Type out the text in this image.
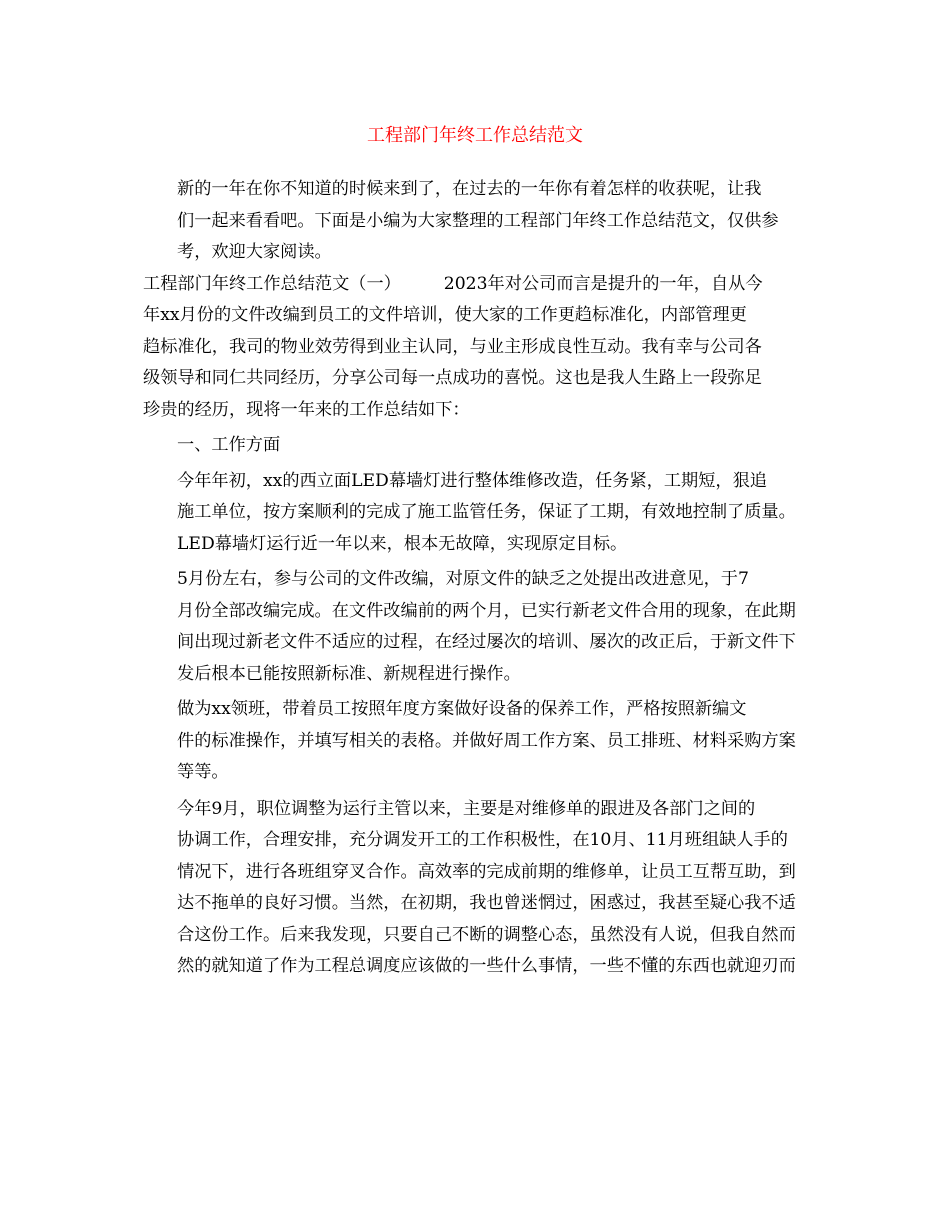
工程部门年终工作总结范文

新的一年在你不知道的时候来到了，在过去的一年你有着怎样的收获呢，让我
们一起来看看吧。下面是小编为大家整理的工程部门年终工作总结范文，仅供参
考，欢迎大家阅读。

工程部门年终工作总结范文（一）　　　2023年对公司而言是提升的一年，自从今
年xx月份的文件改编到员工的文件培训，使大家的工作更趋标准化，内部管理更
趋标准化，我司的物业效劳得到业主认同，与业主形成良性互动。我有幸与公司各
级领导和同仁共同经历，分享公司每一点成功的喜悦。这也是我人生路上一段弥足
珍贵的经历，现将一年来的工作总结如下：

一、工作方面

今年年初，xx的西立面LED幕墙灯进行整体维修改造，任务紧，工期短，狠追
施工单位，按方案顺利的完成了施工监管任务，保证了工期，有效地控制了质量。
LED幕墙灯运行近一年以来，根本无故障，实现原定目标。

5月份左右，参与公司的文件改编，对原文件的缺乏之处提出改进意见，于7
月份全部改编完成。在文件改编前的两个月，已实行新老文件合用的现象，在此期
间出现过新老文件不适应的过程，在经过屡次的培训、屡次的改正后，于新文件下
发后根本已能按照新标准、新规程进行操作。

做为xx领班，带着员工按照年度方案做好设备的保养工作，严格按照新编文
件的标准操作，并填写相关的表格。并做好周工作方案、员工排班、材料采购方案
等等。

今年9月，职位调整为运行主管以来，主要是对维修单的跟进及各部门之间的
协调工作，合理安排，充分调发开工的工作积极性，在10月、11月班组缺人手的
情况下，进行各班组穿叉合作。高效率的完成前期的维修单，让员工互帮互助，到
达不拖单的良好习惯。当然，在初期，我也曾迷惘过，困惑过，我甚至疑心我不适
合这份工作。后来我发现，只要自己不断的调整心态，虽然没有人说，但我自然而
然的就知道了作为工程总调度应该做的一些什么事情，一些不懂的东西也就迎刃而
